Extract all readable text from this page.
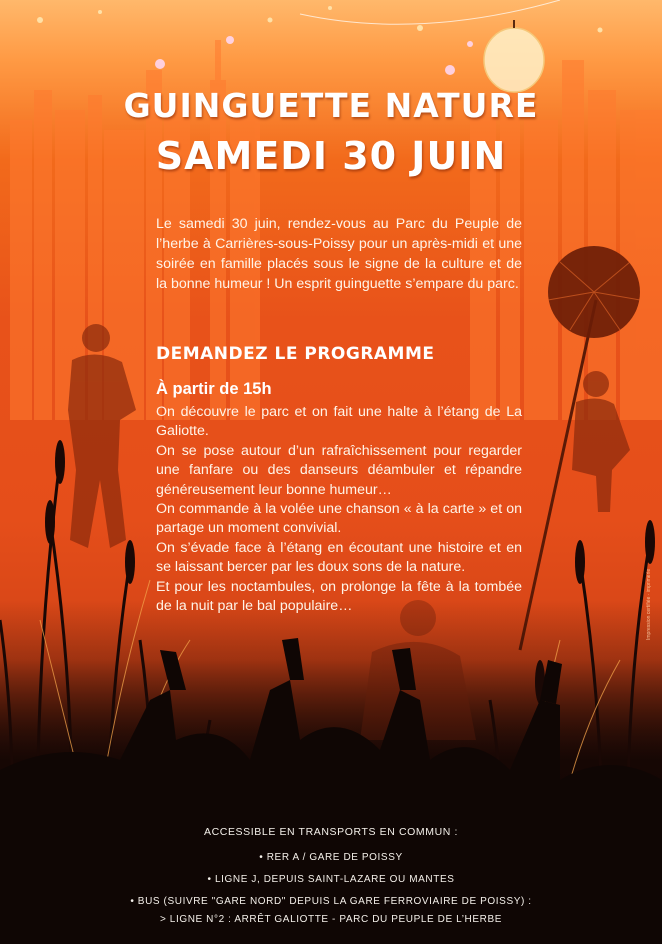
GUINGUETTE NATURE
SAMEDI 30 JUIN
Le samedi 30 juin, rendez-vous au Parc du Peuple de l’herbe à Carrières-sous-Poissy pour un après-midi et une soirée en famille placés sous le signe de la culture et de la bonne humeur ! Un esprit guinguette s’empare du parc.
DEMANDEZ LE PROGRAMME
À partir de 15h

On découvre le parc et on fait une halte à l’étang de La Galiotte.

On se pose autour d’un rafraîchissement pour regarder une fanfare ou des danseurs déambuler et répandre généreusement leur bonne humeur…

On commande à la volée une chanson « à la carte » et on partage un moment convivial.

On s’évade face à l’étang en écoutant une histoire et en se laissant bercer par les doux sons de la nature.

Et pour les noctambules, on prolonge la fête à la tombée de la nuit par le bal populaire…

ACCESSIBLE EN TRANSPORTS EN COMMUN :
• RER A / GARE DE POISSY
• LIGNE J, DEPUIS SAINT-LAZARE OU MANTES
• BUS (SUIVRE "GARE NORD" DEPUIS LA GARE FERROVIAIRE DE POISSY) :
> LIGNE N°2 : ARRÊT GALIOTTE - PARC DU PEUPLE DE L’HERBE
Impression certifiée · imprimerie
